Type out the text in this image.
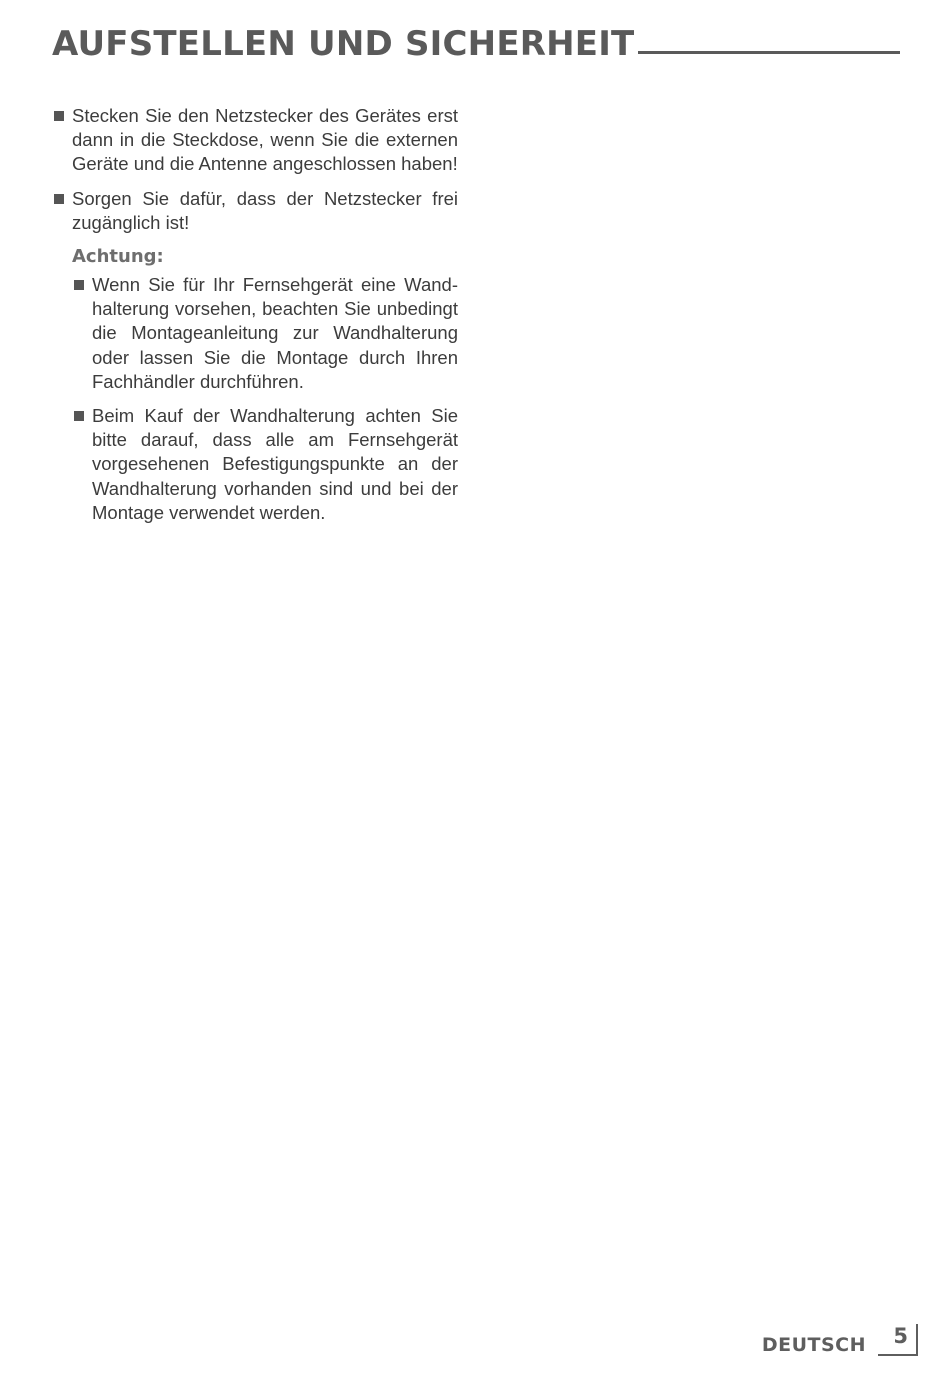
AUFSTELLEN UND SICHERHEIT
Stecken Sie den Netzstecker des Gerätes erst dann in die Steckdose, wenn Sie die externen Geräte und die Antenne angeschlossen haben!
Sorgen Sie dafür, dass der Netzstecker frei zugänglich ist!
Achtung:
Wenn Sie für Ihr Fernsehgerät eine Wandhalterung vorsehen, beachten Sie unbedingt die Montageanleitung zur Wandhalterung oder lassen Sie die Montage durch Ihren Fachhändler durchführen.
Beim Kauf der Wandhalterung achten Sie bitte darauf, dass alle am Fernsehgerät vorgesehenen Befestigungspunkte an der Wandhalterung vorhanden sind und bei der Montage verwendet werden.
DEUTSCH 5
